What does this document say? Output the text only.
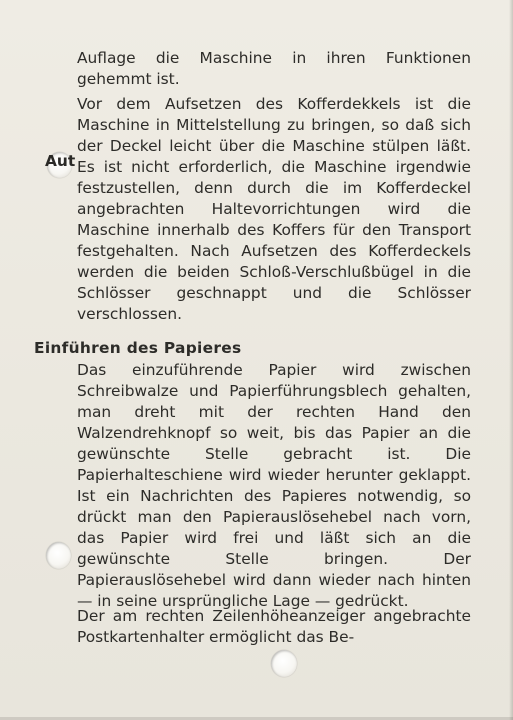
Auflage die Maschine in ihren Funktionen gehemmt ist.

Vor dem Aufsetzen des Kofferdekkels ist die Maschine in Mittelstellung zu bringen, so daß sich der Deckel leicht über die Maschine stülpen läßt. Es ist nicht erforderlich, die Maschine irgendwie festzustellen, denn durch die im Kofferdeckel angebrachten Haltevorrichtungen wird die Maschine innerhalb des Koffers für den Transport festgehalten. Nach Aufsetzen des Kofferdeckels werden die beiden Schloß-Verschlußbügel in die Schlösser geschnappt und die Schlösser verschlossen.

Einführen des Papieres

Das einzuführende Papier wird zwischen Schreibwalze und Papierführungsblech gehalten, man dreht mit der rechten Hand den Walzendrehknopf so weit, bis das Papier an die gewünschte Stelle gebracht ist. Die Papierhalteschiene wird wieder herunter geklappt. Ist ein Nachrichten des Papieres notwendig, so drückt man den Papierauslösehebel nach vorn, das Papier wird frei und läßt sich an die gewünschte Stelle bringen. Der Papierauslösehebel wird dann wieder nach hinten — in seine ursprüngliche Lage — gedrückt.

Der am rechten Zeilenhöheanzeiger angebrachte Postkartenhalter ermöglicht das Be-

Aut
